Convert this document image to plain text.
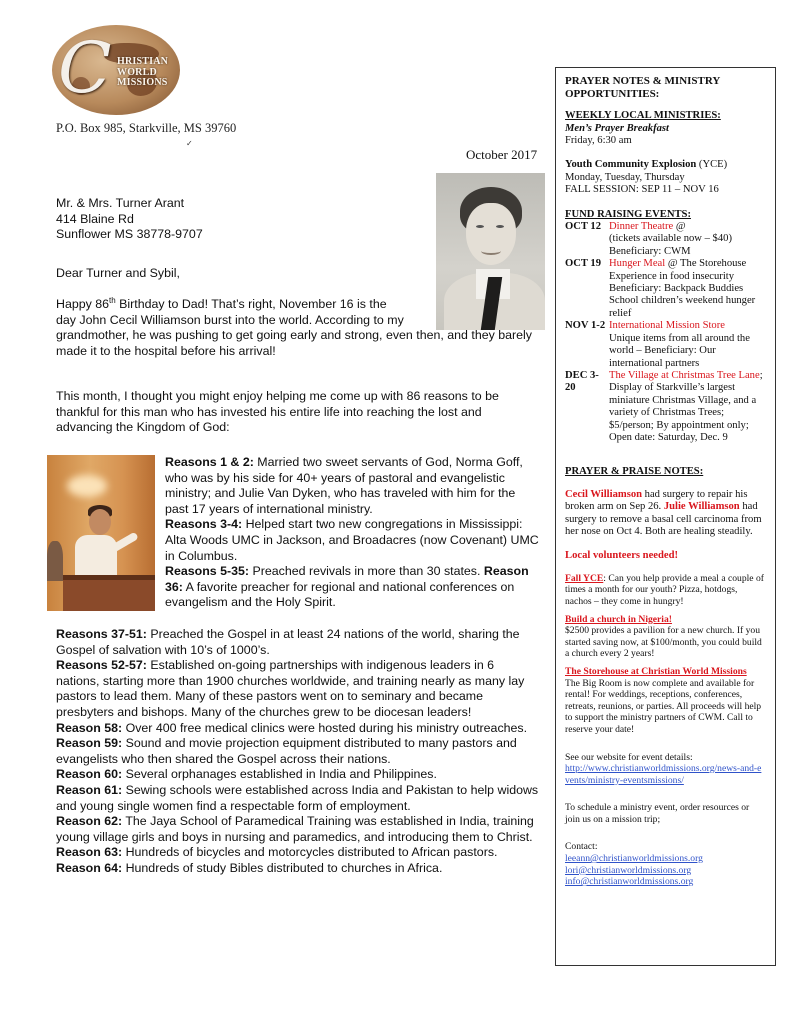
C HRISTIAN
WORLD
MISSIONS
P.O. Box 985, Starkville, MS 39760
✓
October 2017
Mr. & Mrs. Turner Arant
414 Blaine Rd
Sunflower MS 38778-9707
Dear Turner and Sybil,
Happy 86th Birthday to Dad! That’s right, November 16 is the
day John Cecil Williamson burst into the world. According to my
grandmother, he was pushing to get going early and strong, even then, and they barely made it to the hospital before his arrival!
This month, I thought you might enjoy helping me come up with 86 reasons to be thankful for this man who has invested his entire life into reaching the lost and advancing the Kingdom of God:

Reasons 1 & 2: Married two sweet servants of God, Norma Goff, who was by his side for 40+ years of pastoral and evangelistic ministry; and Julie Van Dyken, who has traveled with him for the past 17 years of international ministry.

Reasons 3-4: Helped start two new congregations in Mississippi: Alta Woods UMC in Jackson, and Broadacres (now Covenant) UMC in Columbus.

Reasons 5-35: Preached revivals in more than 30 states. Reason 36: A favorite preacher for regional and national conferences on evangelism and the Holy Spirit.

Reasons 37-51: Preached the Gospel in at least 24 nations of the world, sharing the Gospel of salvation with 10’s of 1000’s.

Reasons 52-57: Established on-going partnerships with indigenous leaders in 6 nations, starting more than 1900 churches worldwide, and training nearly as many lay pastors to lead them. Many of these pastors went on to seminary and became presbyters and bishops. Many of the churches grew to be diocesan leaders!

Reason 58: Over 400 free medical clinics were hosted during his ministry outreaches.

Reason 59: Sound and movie projection equipment distributed to many pastors and evangelists who then shared the Gospel across their nations.

Reason 60: Several orphanages established in India and Philippines.

Reason 61: Sewing schools were established across India and Pakistan to help widows and young single women find a respectable form of employment.

Reason 62: The Jaya School of Paramedical Training was established in India, training young village girls and boys in nursing and paramedics, and introducing them to Christ.

Reason 63: Hundreds of bicycles and motorcycles distributed to African pastors.

Reason 64: Hundreds of study Bibles distributed to churches in Africa.

PRAYER NOTES & MINISTRY OPPORTUNITIES:
WEEKLY LOCAL MINISTRIES:
Men’s Prayer Breakfast
Friday, 6:30 am
Youth Community Explosion (YCE)
Monday, Tuesday, Thursday
FALL SESSION: SEP 11 – NOV 16
FUND RAISING EVENTS:
OCT 12 Dinner Theatre @
(tickets available now – $40) Beneficiary: CWM
OCT 19 Hunger Meal @ The Storehouse
Experience in food insecurity Beneficiary: Backpack Buddies School children’s weekend hunger relief
NOV 1-2 International Mission Store
Unique items from all around the world – Beneficiary: Our international partners
DEC 3-20
The Village at Christmas Tree Lane; Display of Starkville’s largest miniature Christmas Village, and a variety of Christmas Trees; $5/person; By appointment only;
Open date: Saturday, Dec. 9
PRAYER & PRAISE NOTES:
Cecil Williamson had surgery to repair his broken arm on Sep 26. Julie Williamson had surgery to remove a basal cell carcinoma from her nose on Oct 4. Both are healing steadily.
Local volunteers needed!
Fall YCE: Can you help provide a meal a couple of times a month for our youth? Pizza, hotdogs, nachos – they come in hungry!
Build a church in Nigeria!
$2500 provides a pavilion for a new church. If you started saving now, at $100/month, you could build a church every 2 years!
The Storehouse at Christian World Missions
The Big Room is now complete and available for rental! For weddings, receptions, conferences, retreats, reunions, or parties. All proceeds will help to support the ministry partners of CWM. Call to reserve your date!
See our website for event details:
http://www.christianworldmissions.org/news-and-events/ministry-eventsmissions/
To schedule a ministry event, order resources or join us on a mission trip;
Contact:
leeann@christianworldmissions.org
lori@christianworldmissions.org
info@christianworldmissions.org
